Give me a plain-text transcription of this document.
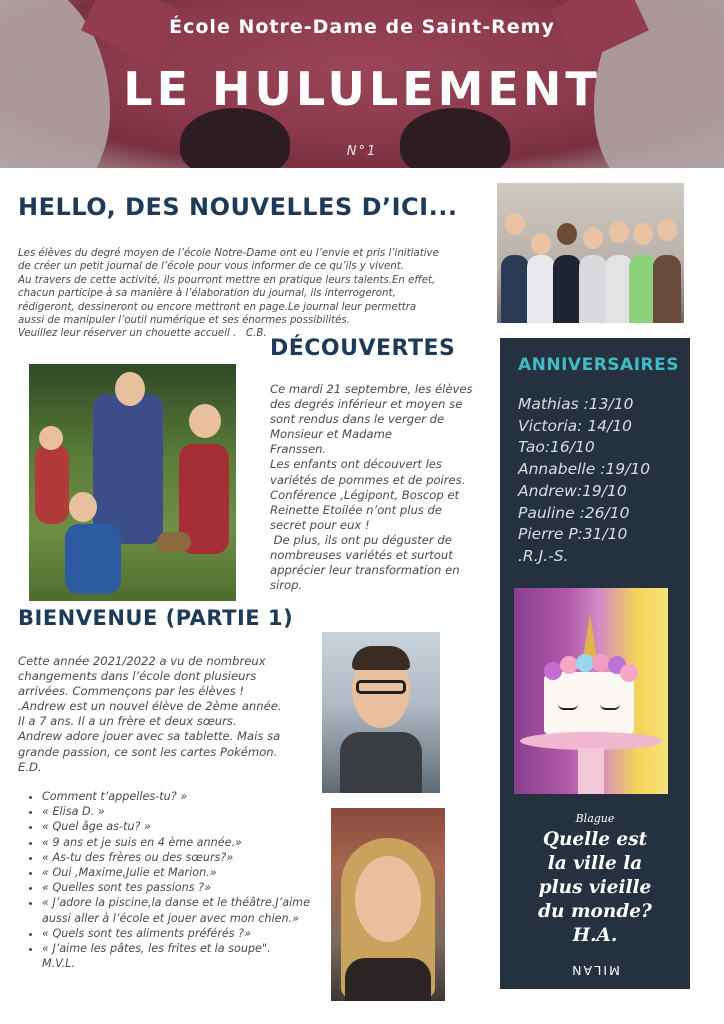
École Notre-Dame de Saint-Remy
LE HULULEMENT
N°1
HELLO, DES NOUVELLES D’ICI...
Les élèves du degré moyen de l’école Notre-Dame ont eu l’envie et pris l’initiative
de créer un petit journal de l’école pour vous informer de ce qu’ils y vivent.
Au travers de cette activité, ils pourront mettre en pratique leurs talents.En effet,
chacun participe à sa manière à l’élaboration du journal, ils interrogeront,
rédigeront, dessineront ou encore mettront en page.Le journal leur permettra
aussi de manipuler l’outil numérique et ses énormes possibilités.
Veuillez leur réserver un chouette accueil .   C.B.
DÉCOUVERTES
Ce mardi 21 septembre, les élèves
des degrés inférieur et moyen se
sont rendus dans le verger de
Monsieur et Madame
Franssen.
Les enfants ont découvert les
variétés de pommes et de poires.
Conférence ,Légipont, Boscop et
Reinette Etoilée n’ont plus de
secret pour eux !
De plus, ils ont pu déguster de
nombreuses variétés et surtout
apprécier leur transformation en
sirop.
BIENVENUE (PARTIE 1)
Cette année 2021/2022 a vu de nombreux
changements dans l’école dont plusieurs
arrivées. Commençons par les élèves !
.Andrew est un nouvel élève de 2ème année.
Il a 7 ans. Il a un frère et deux sœurs.
Andrew adore jouer avec sa tablette. Mais sa
grande passion, ce sont les cartes Pokémon.
E.D.
• Comment t’appelles-tu? »
• « Elisa D. »
• « Quel âge as-tu? »
• « 9 ans et je suis en 4 ème année.»
• « As-tu des frères ou des sœurs?»
• « Oui ,Maxime,Julie et Marion.»
• « Quelles sont tes passions ?»
• « J’adore la piscine,la danse et le théâtre.J’aime aussi aller à l’école et jouer avec mon chien.»
• « Quels sont tes aliments préférés ?»
• « J’aime les pâtes, les frites et la soupe".
M.V.L.
ANNIVERSAIRES
Mathias :13/10
Victoria: 14/10
Tao:16/10
Annabelle :19/10
Andrew:19/10
Pauline :26/10
Pierre P:31/10
.R.J.-S.
Blague
Quelle est
la ville la
plus vieille
du monde?
H.A.
MILAN
